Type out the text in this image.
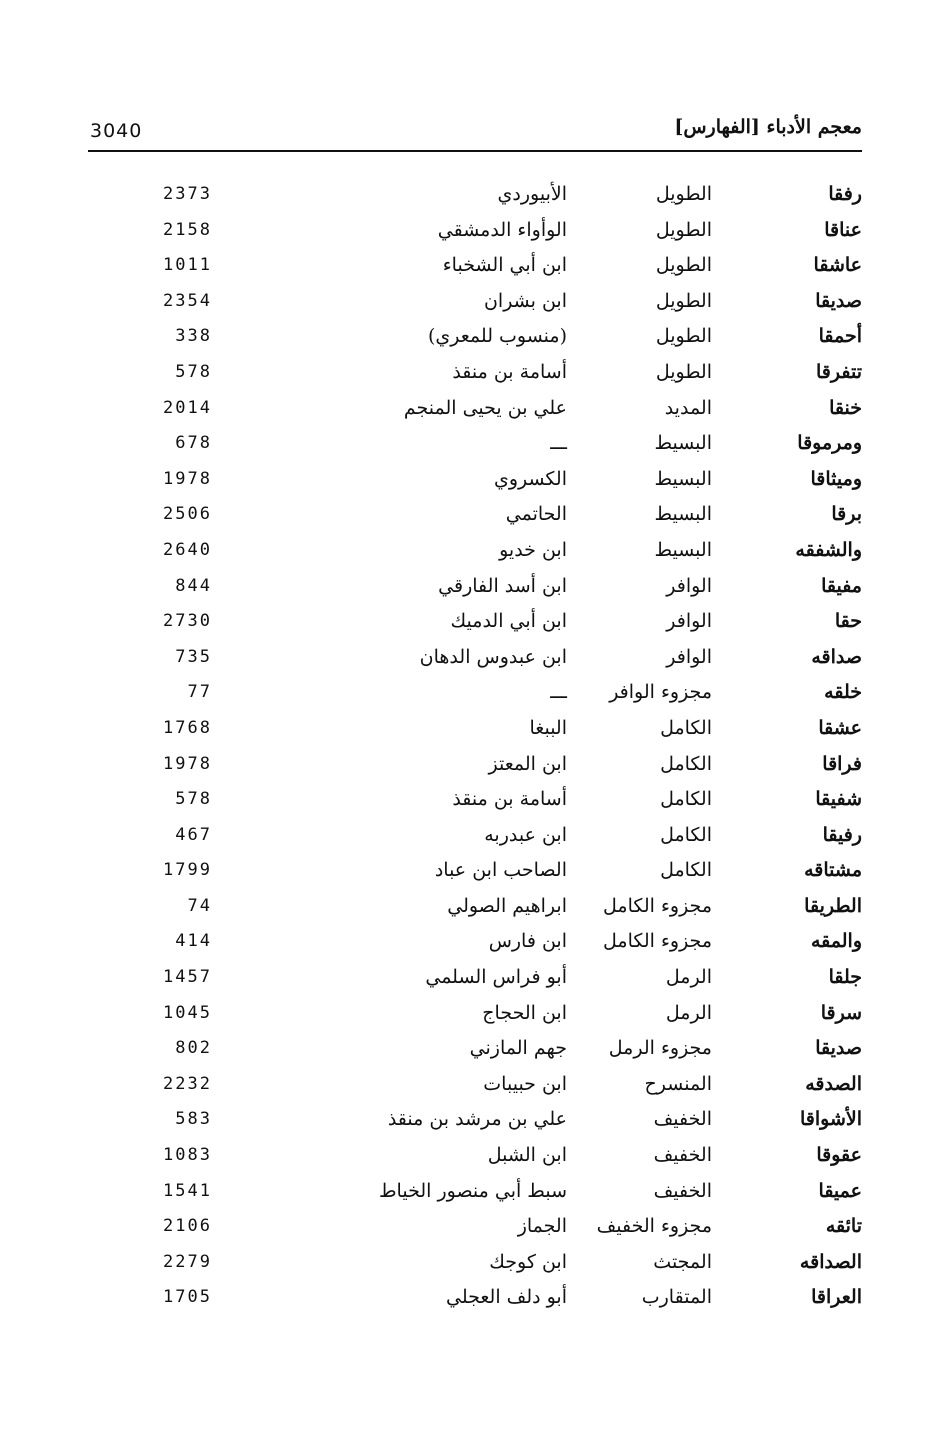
3040	معجم الأدباء [الفهارس]
رفقا
الطويل
الأبيوردي
2373
عناقا
الطويل
الوأواء الدمشقي
2158
عاشقا
الطويل
ابن أبي الشخباء
1011
صديقا
الطويل
ابن بشران
2354
أحمقا
الطويل
(منسوب للمعري)
338
تتفرقا
الطويل
أسامة بن منقذ
578
خنقا
المديد
علي بن يحيى المنجم
2014
ومرموقا
البسيط
ـــ
678
وميثاقا
البسيط
الكسروي
1978
برقا
البسيط
الحاتمي
2506
والشفقه
البسيط
ابن خديو
2640
مفيقا
الوافر
ابن أسد الفارقي
844
حقا
الوافر
ابن أبي الدميك
2730
صداقه
الوافر
ابن عبدوس الدهان
735
خلقه
مجزوء الوافر
ـــ
77
عشقا
الكامل
الببغا
1768
فراقا
الكامل
ابن المعتز
1978
شفيقا
الكامل
أسامة بن منقذ
578
رفيقا
الكامل
ابن عبدربه
467
مشتاقه
الكامل
الصاحب ابن عباد
1799
الطريقا
مجزوء الكامل
ابراهيم الصولي
74
والمقه
مجزوء الكامل
ابن فارس
414
جلقا
الرمل
أبو فراس السلمي
1457
سرقا
الرمل
ابن الحجاج
1045
صديقا
مجزوء الرمل
جهم المازني
802
الصدقه
المنسرح
ابن حبيبات
2232
الأشواقا
الخفيف
علي بن مرشد بن منقذ
583
عقوقا
الخفيف
ابن الشبل
1083
عميقا
الخفيف
سبط أبي منصور الخياط
1541
تائقه
مجزوء الخفيف
الجماز
2106
الصداقه
المجتث
ابن كوجك
2279
العراقا
المتقارب
أبو دلف العجلي
1705
